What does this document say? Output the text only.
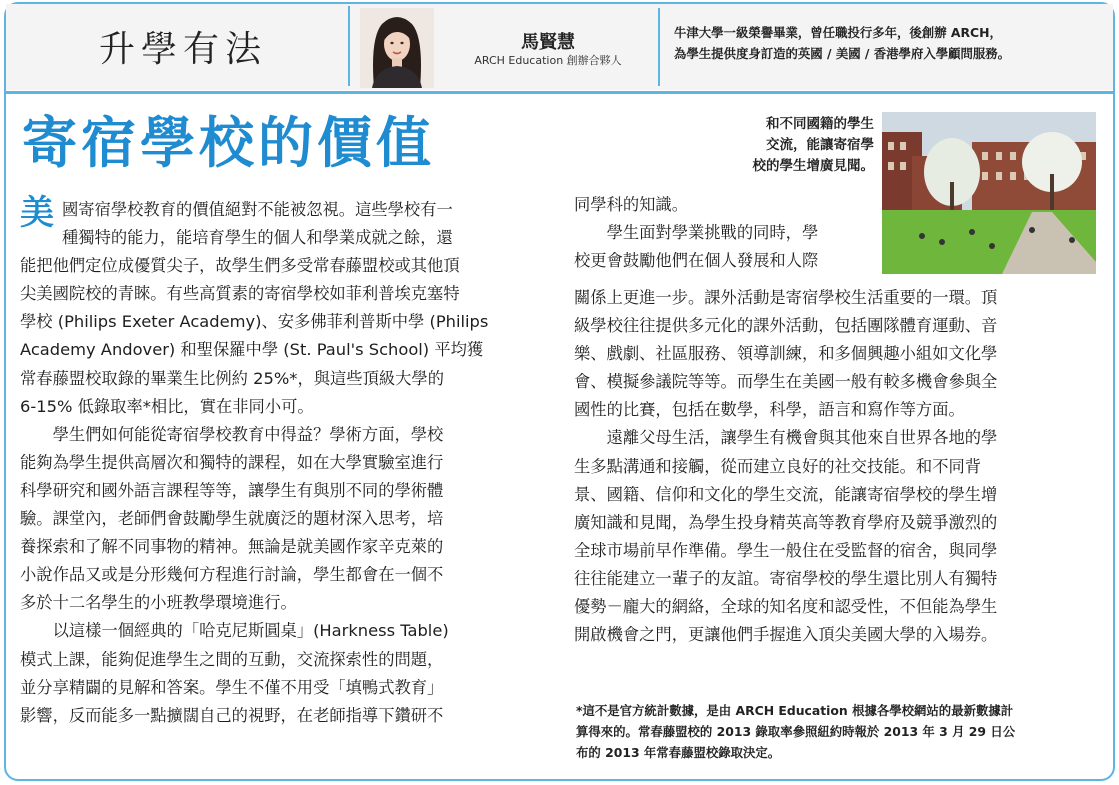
升學有法	馬賢慧
ARCH Education 創辦合夥人
牛津大學一級榮譽畢業，曾任職投行多年，後創辦 ARCH，
為學生提供度身訂造的英國 / 美國 / 香港學府入學顧問服務。
寄宿學校的價值
美 國寄宿學校教育的價值絕對不能被忽視。這些學校有一
種獨特的能力，能培育學生的個人和學業成就之餘，還
能把他們定位成優質尖子，故學生們多受常春藤盟校或其他頂
尖美國院校的青睞。有些高質素的寄宿學校如菲利普埃克塞特
學校 (Philips Exeter Academy)、安多佛菲利普斯中學 (Philips
Academy Andover) 和聖保羅中學 (St. Paul's School) 平均獲
常春藤盟校取錄的畢業生比例約 25%*，與這些頂級大學的
6-15% 低錄取率*相比，實在非同小可。
　　學生們如何能從寄宿學校教育中得益？學術方面，學校
能夠為學生提供高層次和獨特的課程，如在大學實驗室進行
科學研究和國外語言課程等等，讓學生有與別不同的學術體
驗。課堂內，老師們會鼓勵學生就廣泛的題材深入思考，培
養探索和了解不同事物的精神。無論是就美國作家辛克萊的
小說作品又或是分形幾何方程進行討論，學生都會在一個不
多於十二名學生的小班教學環境進行。
　　以這樣一個經典的「哈克尼斯圓桌」(Harkness Table)
模式上課，能夠促進學生之間的互動，交流探索性的問題，
並分享精闢的見解和答案。學生不僅不用受「填鴨式教育」
影響，反而能多一點擴闊自己的視野，在老師指導下鑽研不
同學科的知識。
　　學生面對學業挑戰的同時，學
校更會鼓勵他們在個人發展和人際
和不同國籍的學生
交流，能讓寄宿學
校的學生增廣見聞。
關係上更進一步。課外活動是寄宿學校生活重要的一環。頂
級學校往往提供多元化的課外活動，包括團隊體育運動、音
樂、戲劇、社區服務、領導訓練，和多個興趣小組如文化學
會、模擬參議院等等。而學生在美國一般有較多機會參與全
國性的比賽，包括在數學，科學，語言和寫作等方面。
　　遠離父母生活，讓學生有機會與其他來自世界各地的學
生多點溝通和接觸，從而建立良好的社交技能。和不同背
景、國籍、信仰和文化的學生交流，能讓寄宿學校的學生增
廣知識和見聞，為學生投身精英高等教育學府及競爭激烈的
全球市場前早作準備。學生一般住在受監督的宿舍，與同學
往往能建立一輩子的友誼。寄宿學校的學生還比別人有獨特
優勢－龐大的網絡，全球的知名度和認受性，不但能為學生
開啟機會之門，更讓他們手握進入頂尖美國大學的入場券。
*這不是官方統計數據，是由 ARCH Education 根據各學校網站的最新數據計
算得來的。常春藤盟校的 2013 錄取率參照紐約時報於 2013 年 3 月 29 日公
布的 2013 年常春藤盟校錄取決定。
